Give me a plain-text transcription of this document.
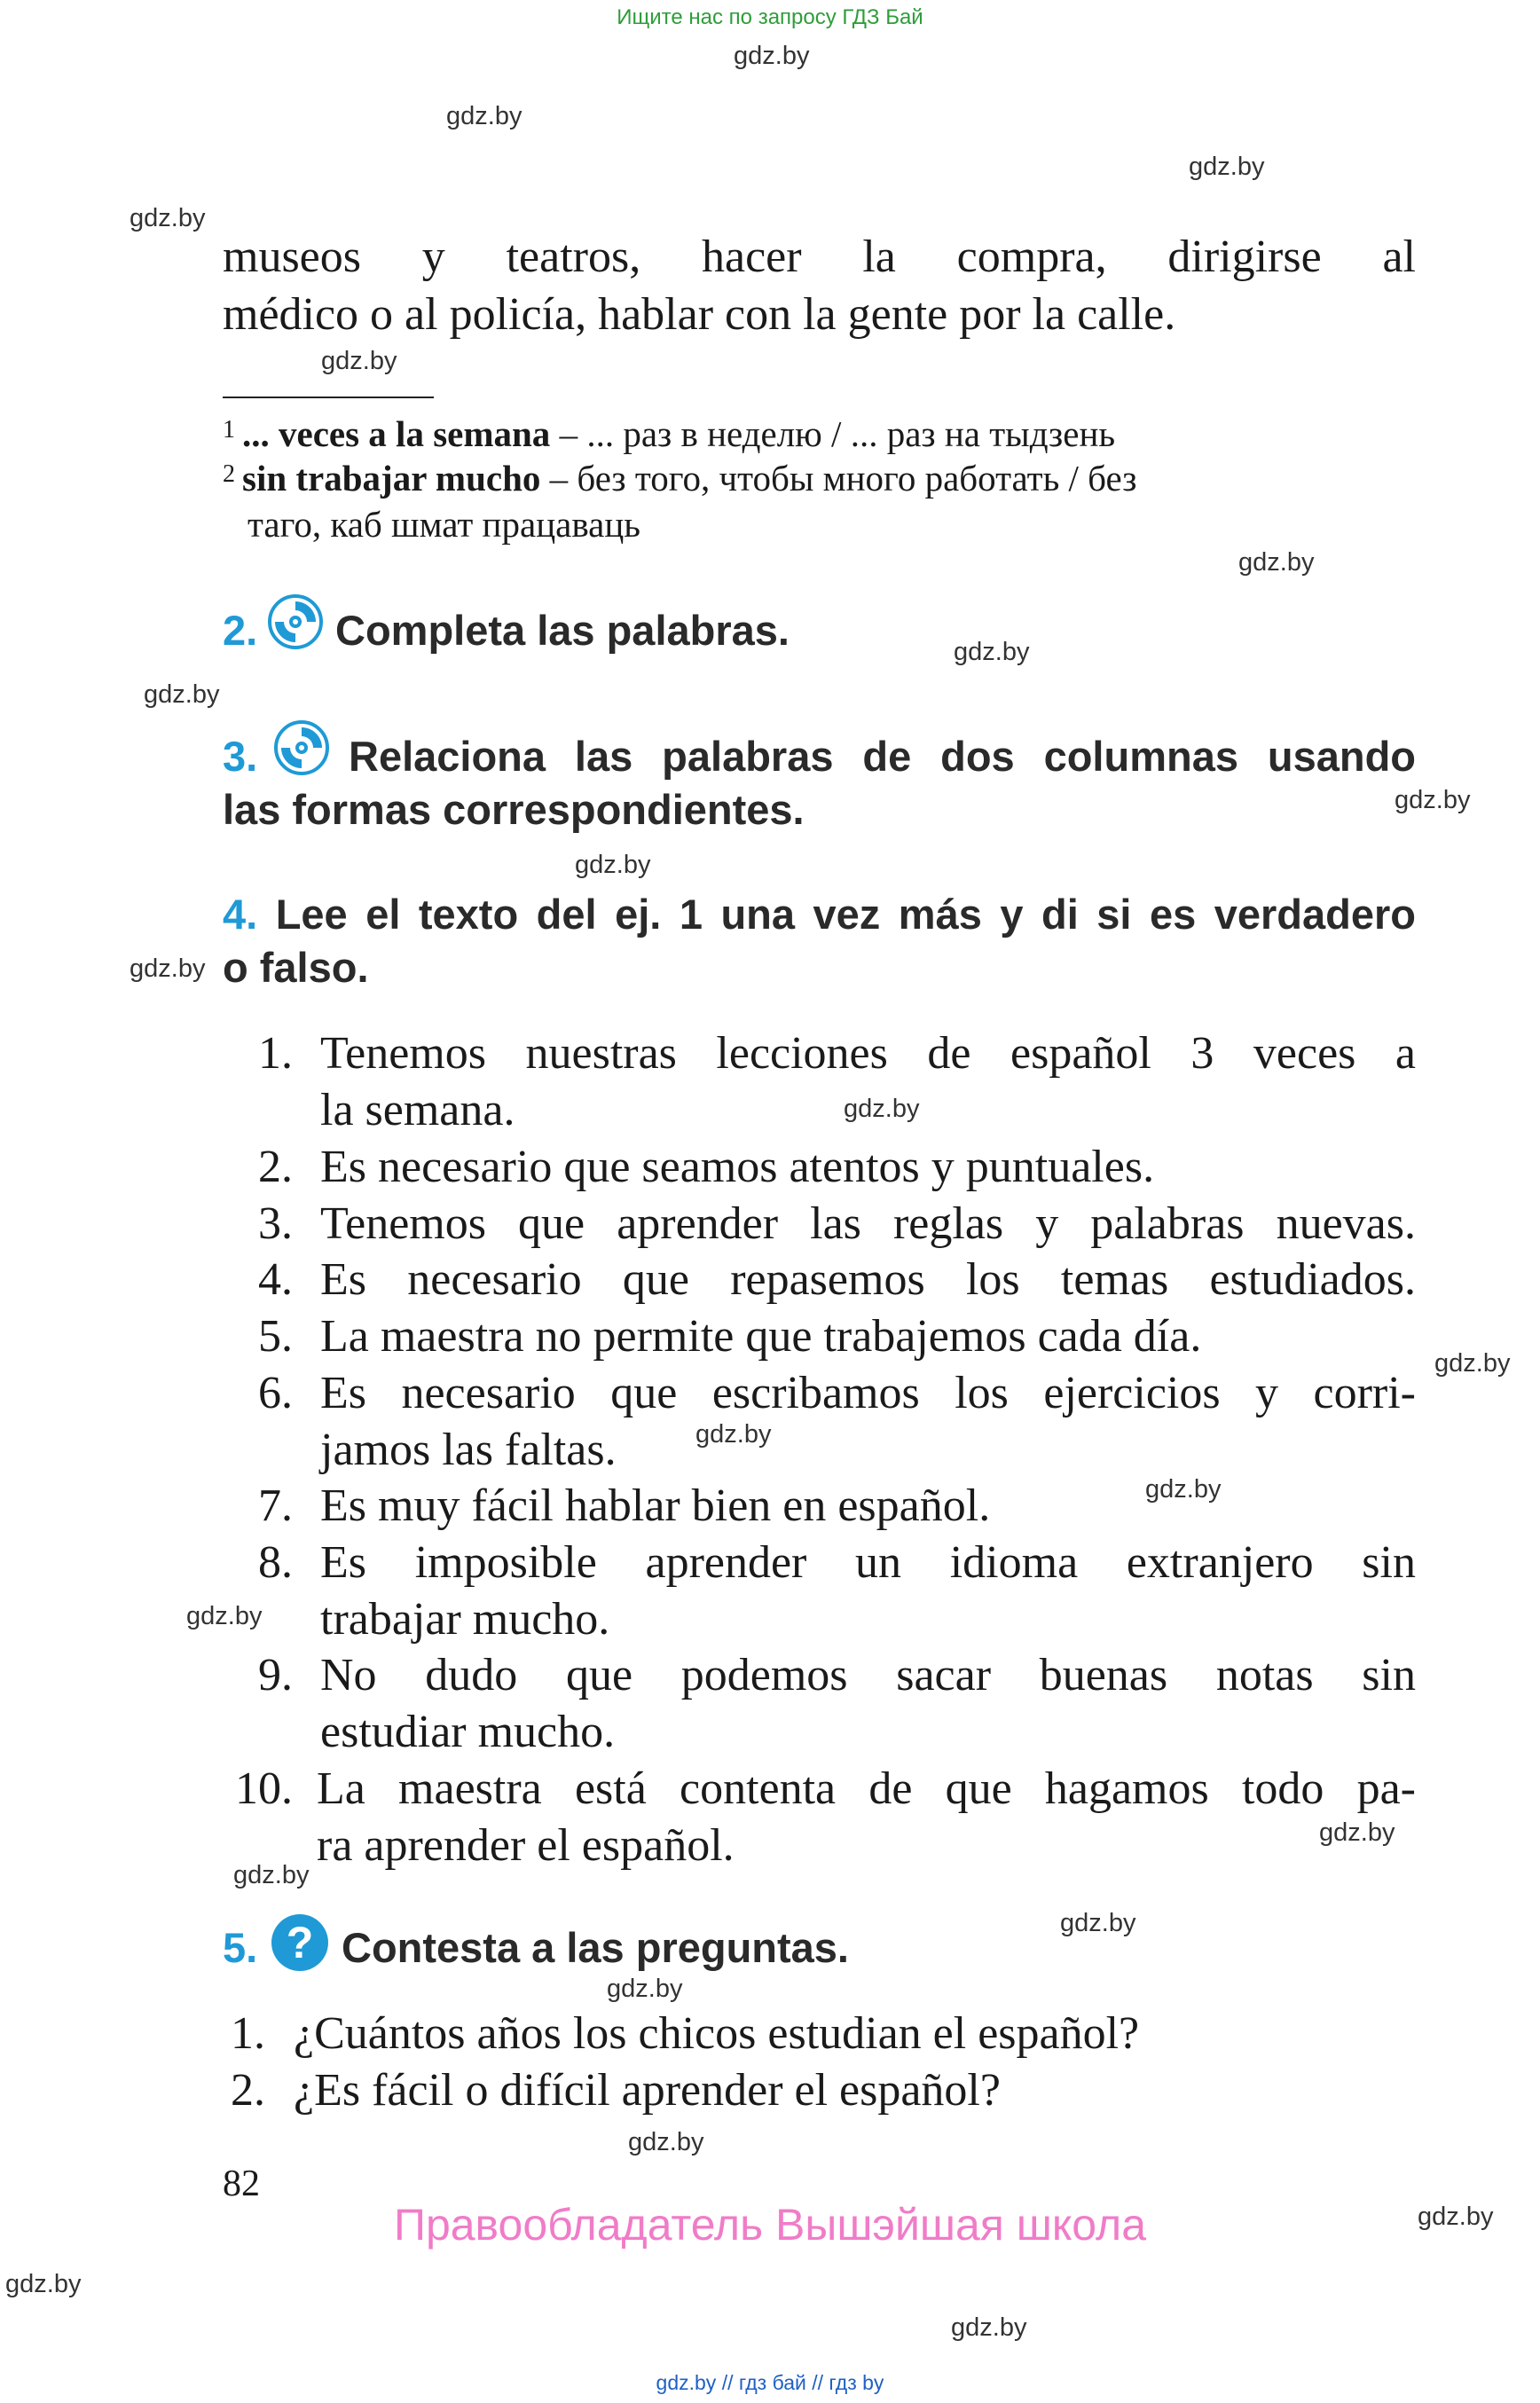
Ищите нас по запросу ГДЗ Бай
gdz.by
gdz.by
gdz.by
gdz.by
gdz.by
gdz.by
gdz.by
gdz.by
gdz.by
gdz.by
gdz.by
gdz.by
gdz.by
gdz.by
gdz.by
gdz.by
gdz.by
gdz.by
gdz.by
gdz.by
gdz.by
gdz.by
gdz.by
gdz.by
museos y teatros, hacer la compra, dirigirse al
médico o al policía, hablar con la gente por la calle.
$^1$ ... veces a la semana – ... раз в неделю / ... раз на тыдзень
$^2$ sin trabajar mucho – без того, чтобы много работать / без
таго, каб шмат працаваць
2. Completa las palabras.
3. Relaciona las palabras de dos columnas usando
las formas correspondientes.
4. Lee el texto del ej. 1 una vez más y di si es verdadero
o falso.
1. Tenemos nuestras lecciones de español 3 veces a
la semana.
2. Es necesario que seamos atentos y puntuales.
3. Tenemos que aprender las reglas y palabras nuevas.
4. Es necesario que repasemos los temas estudiados.
5. La maestra no permite que trabajemos cada día.
6. Es necesario que escribamos los ejercicios y corri-
jamos las faltas.
7. Es muy fácil hablar bien en español.
8. Es imposible aprender un idioma extranjero sin
trabajar mucho.
9. No dudo que podemos sacar buenas notas sin
estudiar mucho.
10. La maestra está contenta de que hagamos todo pa-
ra aprender el español.
5. ? Contesta a las preguntas.
1. ¿Cuántos años los chicos estudian el español?
2. ¿Es fácil o difícil aprender el español?
82
Правообладатель Вышэйшая школа
gdz.by // гдз бай // гдз by
